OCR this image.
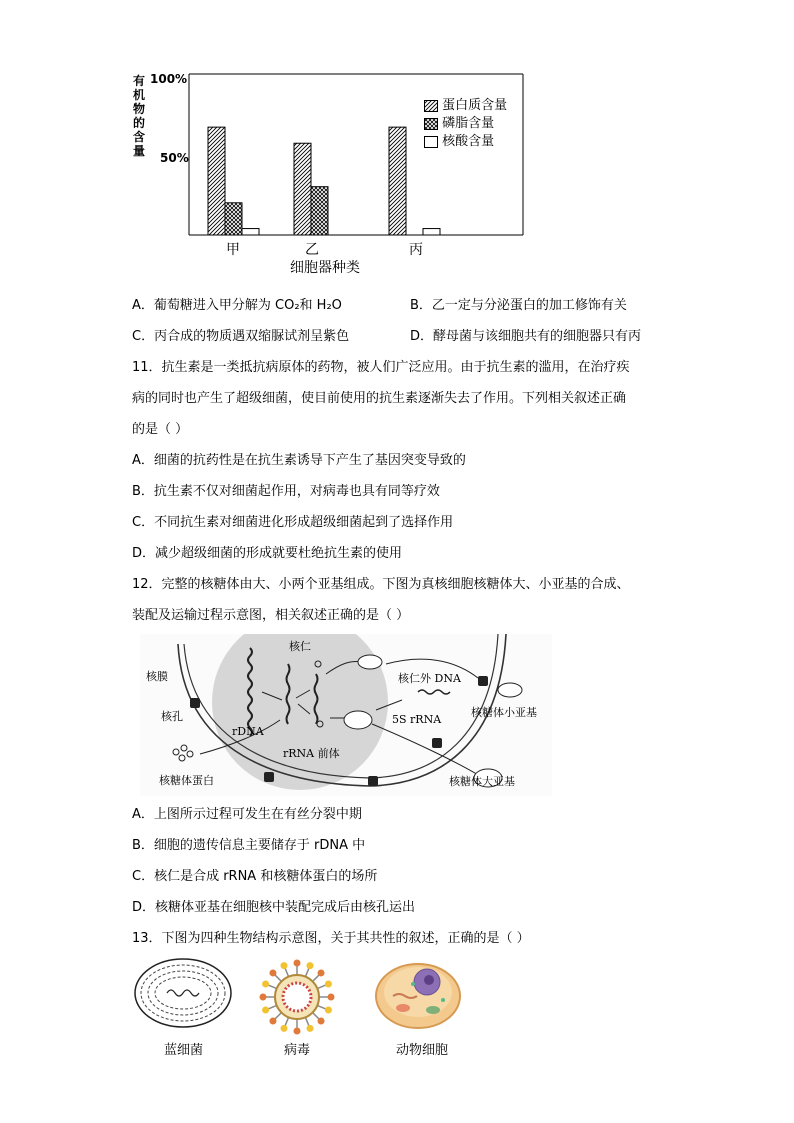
有
机
物
的
含
量
100%
50%
蛋白质含量
磷脂含量
核酸含量
甲	乙	丙
细胞器种类
A．葡萄糖进入甲分解为 CO₂和 H₂O	B．乙一定与分泌蛋白的加工修饰有关
C．丙合成的物质遇双缩脲试剂呈紫色	D．酵母菌与该细胞共有的细胞器只有丙
11．抗生素是一类抵抗病原体的药物，被人们广泛应用。由于抗生素的滥用，在治疗疾
病的同时也产生了超级细菌，使目前使用的抗生素逐渐失去了作用。下列相关叙述正确
的是（ ）
A．细菌的抗药性是在抗生素诱导下产生了基因突变导致的
B．抗生素不仅对细菌起作用，对病毒也具有同等疗效
C．不同抗生素对细菌进化形成超级细菌起到了选择作用
D．减少超级细菌的形成就要杜绝抗生素的使用
12．完整的核糖体由大、小两个亚基组成。下图为真核细胞核糖体大、小亚基的合成、
装配及运输过程示意图，相关叙述正确的是（ ）
核仁
核膜
核孔
rDNA
rRNA 前体
核糖体蛋白
核仁外 DNA
5S rRNA
核糖体小亚基
核糖体大亚基
A．上图所示过程可发生在有丝分裂中期
B．细胞的遗传信息主要储存于 rDNA 中
C．核仁是合成 rRNA 和核糖体蛋白的场所
D．核糖体亚基在细胞核中装配完成后由核孔运出
13．下图为四种生物结构示意图，关于其共性的叙述，正确的是（ ）
蓝细菌	病毒	动物细胞
